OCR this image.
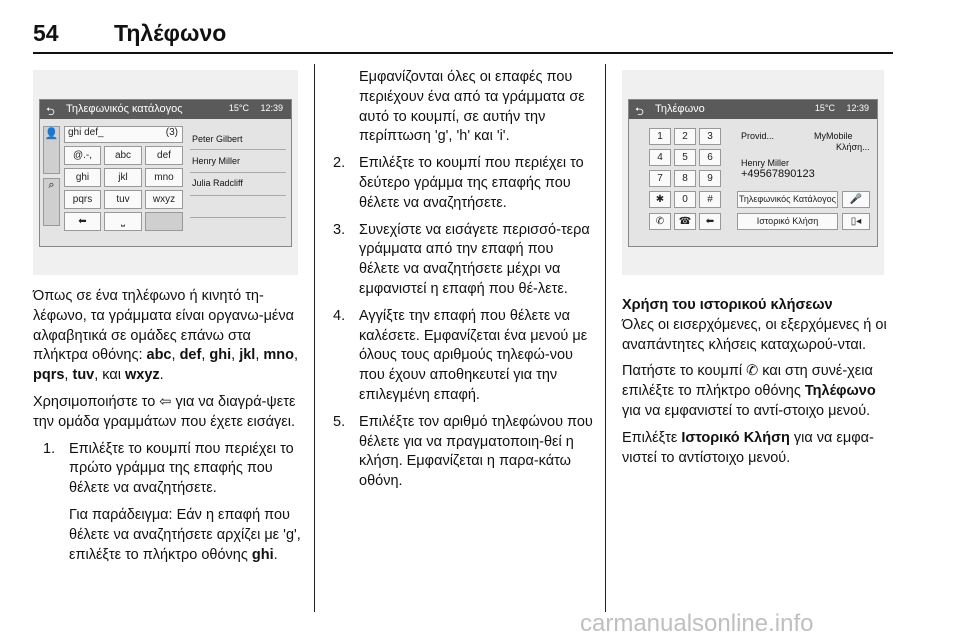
54 Τηλέφωνο
⮌ Τηλεφωνικός κατάλογος	15°C 12:39
👤
⌕
ghi def_	(3)
@.-,	abc	def
ghi	jkl	mno
pqrs	tuv	wxyz
⬅	⎵
Peter Gilbert
Henry Miller
Julia Radcliff

Όπως σε ένα τηλέφωνο ή κινητό τη-λέφωνο, τα γράμματα είναι οργανω-μένα αλφαβητικά σε ομάδες επάνω στα πλήκτρα οθόνης: abc, def, ghi, jkl, mno, pqrs, tuv, και wxyz.

Χρησιμοποιήστε το ⇦ για να διαγρά-ψετε την ομάδα γραμμάτων που έχετε εισάγει.

1. Επιλέξτε το κουμπί που περιέχει το πρώτο γράμμα της επαφής που θέλετε να αναζητήσετε.

Για παράδειγμα: Εάν η επαφή που θέλετε να αναζητήσετε αρχίζει με 'g', επιλέξτε το πλήκτρο οθόνης ghi.

Εμφανίζονται όλες οι επαφές που περιέχουν ένα από τα γράμματα σε αυτό το κουμπί, σε αυτήν την περίπτωση 'g', 'h' και 'i'.

2. Επιλέξτε το κουμπί που περιέχει το δεύτερο γράμμα της επαφής που θέλετε να αναζητήσετε.
3. Συνεχίστε να εισάγετε περισσό-τερα γράμματα από την επαφή που θέλετε να αναζητήσετε μέχρι να εμφανιστεί η επαφή που θέ-λετε.
4. Αγγίξτε την επαφή που θέλετε να καλέσετε. Εμφανίζεται ένα μενού με όλους τους αριθμούς τηλεφώ-νου που έχουν αποθηκευτεί για την επιλεγμένη επαφή.
5. Επιλέξτε τον αριθμό τηλεφώνου που θέλετε για να πραγματοποιη-θεί η κλήση. Εμφανίζεται η παρα-κάτω οθόνη.
⮌ Τηλέφωνο	15°C 12:39
1	2	3
4	5	6
7	8	9
✱	0	#
✆	☎	⬅
Provid...	MyMobile
Κλήση...
Henry Miller
+49567890123
Τηλεφωνικός Κατάλογος	🎤
Ιστορικό Κλήση	▯◂

Χρήση του ιστορικού κλήσεων

Όλες οι εισερχόμενες, οι εξερχόμενες ή οι αναπάντητες κλήσεις καταχωρού-νται.

Πατήστε το κουμπί ✆ και στη συνέ-χεια επιλέξτε το πλήκτρο οθόνης Τηλέφωνο για να εμφανιστεί το αντί-στοιχο μενού.

Επιλέξτε Ιστορικό Κλήση για να εμφα-νιστεί το αντίστοιχο μενού.

carmanualsonline.info
